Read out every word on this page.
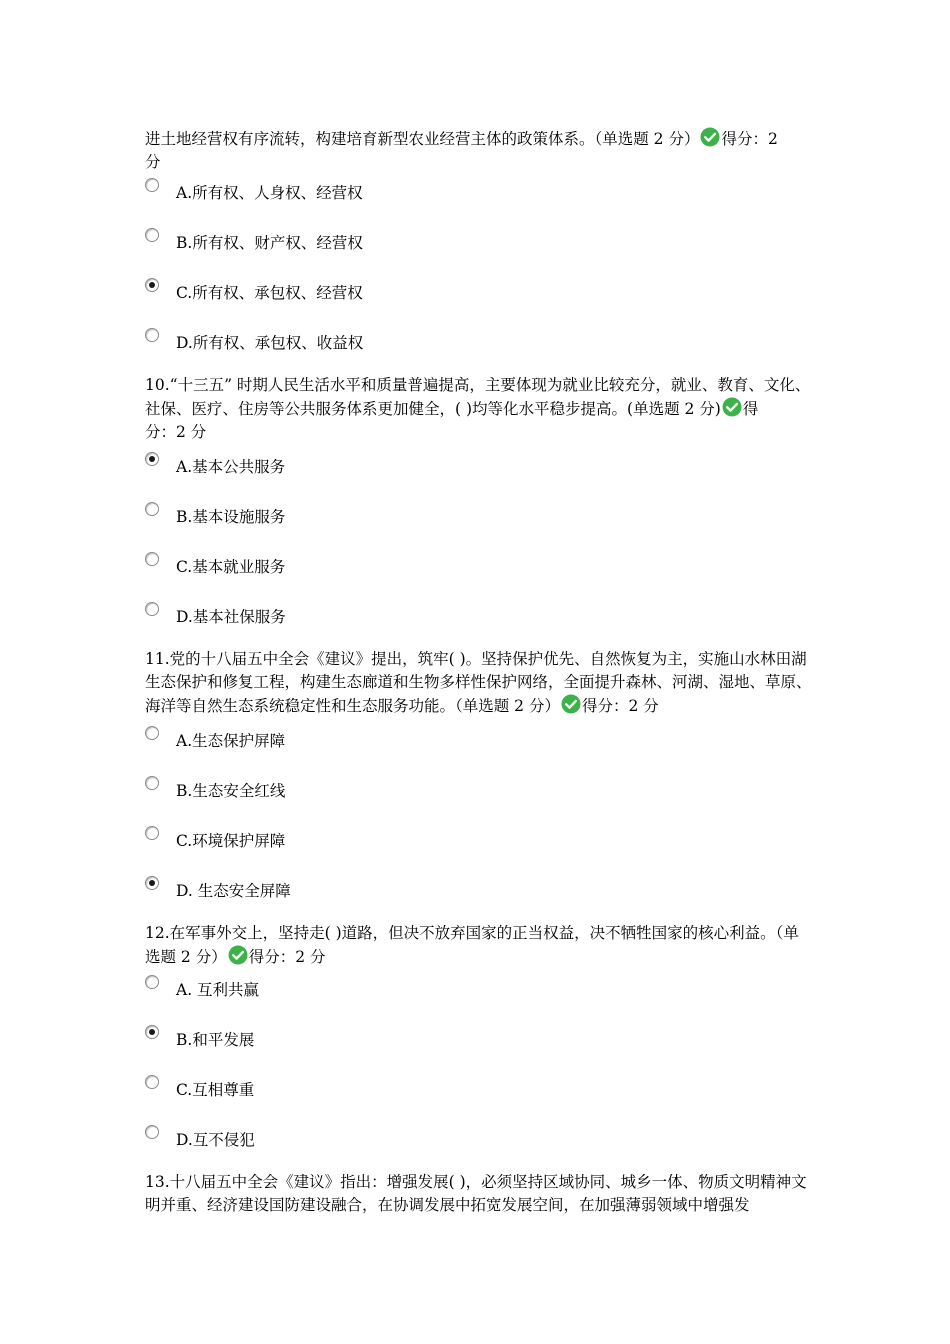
进土地经营权有序流转，构建培育新型农业经营主体的政策体系。（单选题 2 分） 得分：2
分
A.所有权、人身权、经营权
B.所有权、财产权、经营权
C.所有权、承包权、经营权
D.所有权、承包权、收益权
10.“十三五” 时期人民生活水平和质量普遍提高，主要体现为就业比较充分，就业、教育、文化、社保、医疗、住房等公共服务体系更加健全，( )均等化水平稳步提高。(单选题 2 分) 得
分：2 分
A.基本公共服务
B.基本设施服务
C.基本就业服务
D.基本社保服务
11.党的十八届五中全会《建议》提出，筑牢( )。坚持保护优先、自然恢复为主，实施山水林田湖生态保护和修复工程，构建生态廊道和生物多样性保护网络，全面提升森林、河湖、湿地、草原、海洋等自然生态系统稳定性和生态服务功能。（单选题 2 分） 得分：2 分
A.生态保护屏障
B.生态安全红线
C.环境保护屏障
D. 生态安全屏障
12.在军事外交上，坚持走( )道路，但决不放弃国家的正当权益，决不牺牲国家的核心利益。（单选题 2 分） 得分：2 分
A. 互利共赢
B.和平发展
C.互相尊重
D.互不侵犯
13.十八届五中全会《建议》指出：增强发展( )，必须坚持区域协同、城乡一体、物质文明精神文明并重、经济建设国防建设融合，在协调发展中拓宽发展空间，在加强薄弱领域中增强发
